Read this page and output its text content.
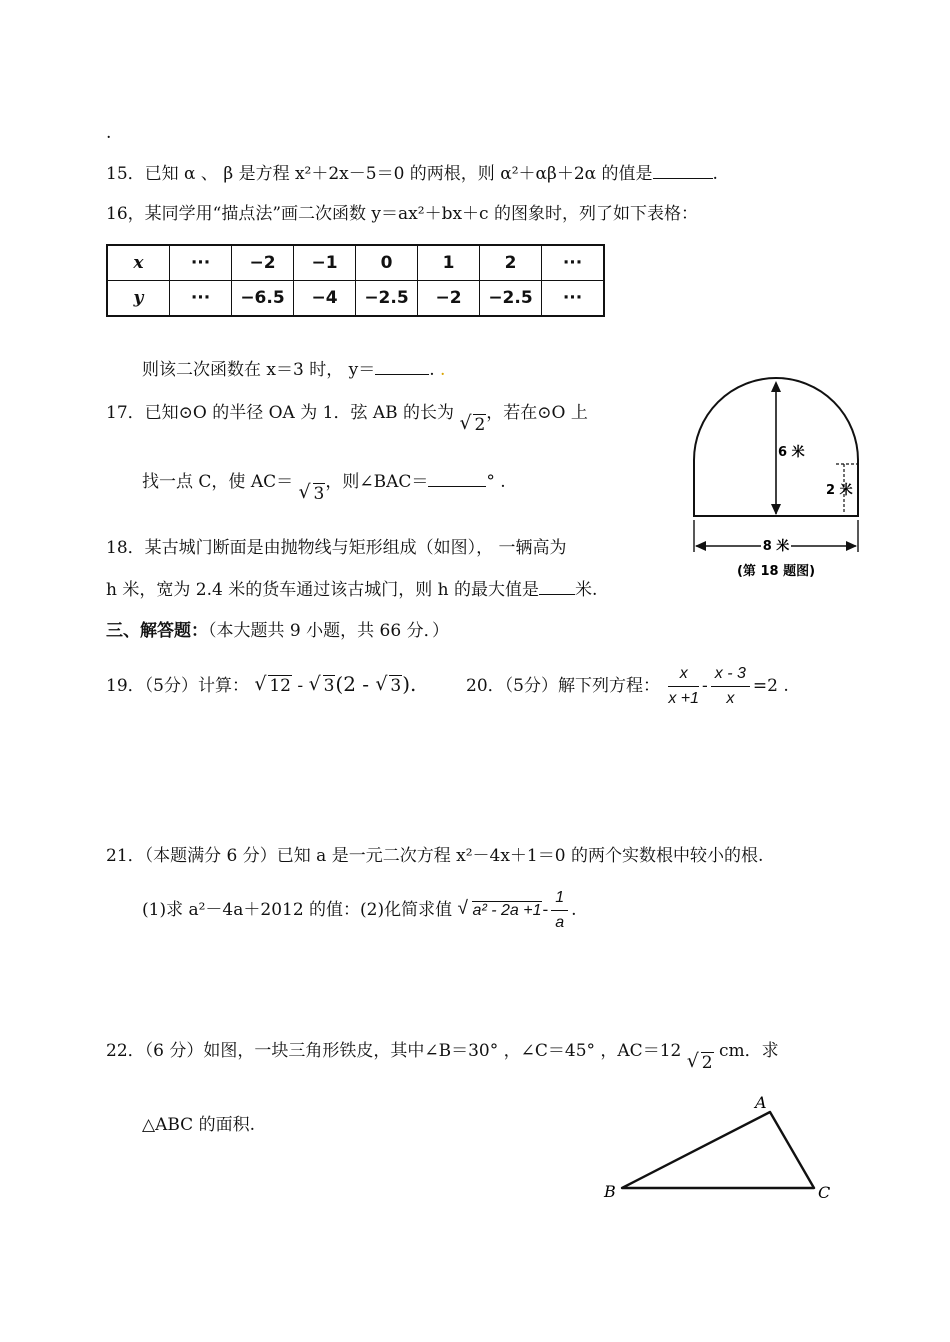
.
15．已知 α 、 β 是方程 x²＋2x－5＝0 的两根，则 α²＋αβ＋2α 的值是	.
16，某同学用“描点法”画二次函数 y＝ax²＋bx＋c 的图象时，列了如下表格：
x	···	−2	−1	0	1	2	···
y	···	−6.5	−4	−2.5	−2	−2.5	···
则该二次函数在 x＝3 时， y＝	. .
17．已知⊙O 的半径 OA 为 1．弦 AB 的长为 √ 2，若在⊙O 上
找一点 C，使 AC＝ √ 3，则∠BAC＝	° .
6 米
2 米
8 米
(第 18 题图)
18．某古城门断面是由抛物线与矩形组成（如图）， 一辆高为
h 米，宽为 2.4 米的货车通过该古城门，则 h 的最大值是 米.
三、解答题：（本大题共 9 小题，共 66 分．）
19．（5分）计算： √ 12 - √ 3(2 - √ 3).	20．（5分）解下列方程： $\frac{x}{x +1} - \frac{x - 3}{x} =2$ .
21．（本题满分 6 分）已知 a 是一元二次方程 x²－4x＋1＝0 的两个实数根中较小的根.
(1)求 a²－4a＋2012 的值：(2)化简求值 √ $a^2 - 2a +1- \frac{1}{a}$ .
22．（6 分）如图，一块三角形铁皮，其中∠B＝30° ，∠C＝45° ，AC＝12 √ 2 cm．求
△ABC 的面积.
A
B	C
